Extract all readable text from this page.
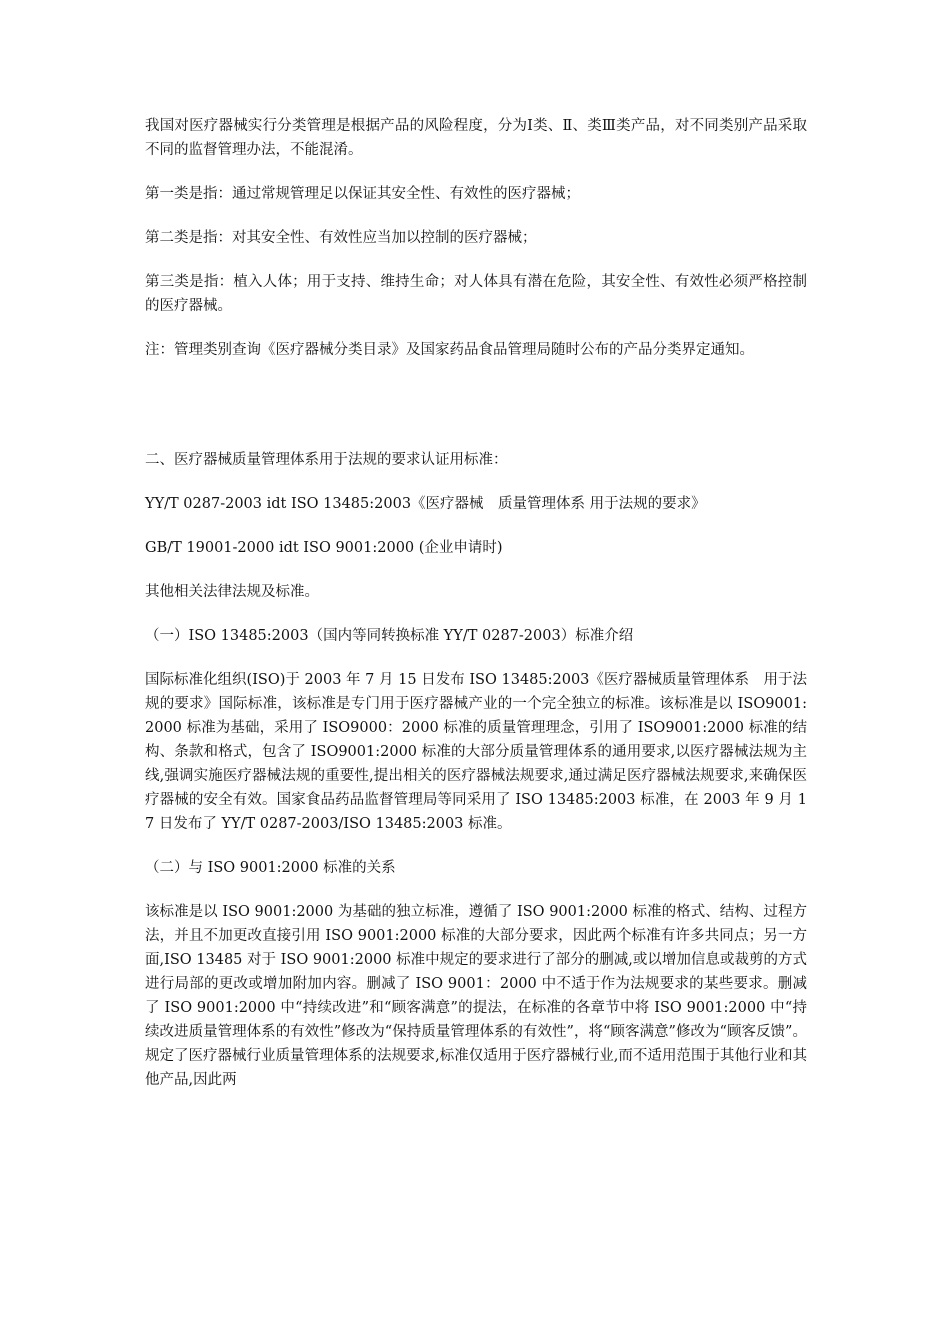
我国对医疗器械实行分类管理是根据产品的风险程度，分为Ⅰ类、Ⅱ、类Ⅲ类产品，对不同类别产品采取不同的监督管理办法，不能混淆。

第一类是指：通过常规管理足以保证其安全性、有效性的医疗器械；

第二类是指：对其安全性、有效性应当加以控制的医疗器械；

第三类是指：植入人体；用于支持、维持生命；对人体具有潜在危险，其安全性、有效性必须严格控制的医疗器械。

注：管理类别查询《医疗器械分类目录》及国家药品食品管理局随时公布的产品分类界定通知。

二、医疗器械质量管理体系用于法规的要求认证用标准：

YY/T 0287-2003 idt ISO 13485:2003《医疗器械　质量管理体系 用于法规的要求》

GB/T 19001-2000 idt ISO 9001:2000 (企业申请时)

其他相关法律法规及标准。

（一）ISO 13485:2003（国内等同转换标准 YY/T 0287-2003）标准介绍

国际标准化组织(ISO)于 2003 年 7 月 15 日发布 ISO 13485:2003《医疗器械质量管理体系　用于法规的要求》国际标准，该标准是专门用于医疗器械产业的一个完全独立的标准。该标准是以 ISO9001:2000 标准为基础，采用了 ISO9000：2000 标准的质量管理理念，引用了 ISO9001:2000 标准的结构、条款和格式，包含了 ISO9001:2000 标准的大部分质量管理体系的通用要求,以医疗器械法规为主线,强调实施医疗器械法规的重要性,提出相关的医疗器械法规要求,通过满足医疗器械法规要求,来确保医疗器械的安全有效。国家食品药品监督管理局等同采用了 ISO 13485:2003 标准，在 2003 年 9 月 17 日发布了 YY/T 0287-2003/ISO 13485:2003 标准。

（二）与 ISO 9001:2000 标准的关系

该标准是以 ISO 9001:2000 为基础的独立标准，遵循了 ISO 9001:2000 标准的格式、结构、过程方法，并且不加更改直接引用 ISO 9001:2000 标准的大部分要求，因此两个标准有许多共同点；另一方面,ISO 13485 对于 ISO 9001:2000 标准中规定的要求进行了部分的删减,或以增加信息或裁剪的方式进行局部的更改或增加附加内容。删减了 ISO 9001：2000 中不适于作为法规要求的某些要求。删减了 ISO 9001:2000 中“持续改进”和“顾客满意”的提法，在标准的各章节中将 ISO 9001:2000 中“持续改进质量管理体系的有效性”修改为“保持质量管理体系的有效性”，将“顾客满意”修改为“顾客反馈”。规定了医疗器械行业质量管理体系的法规要求,标准仅适用于医疗器械行业,而不适用范围于其他行业和其他产品,因此两
